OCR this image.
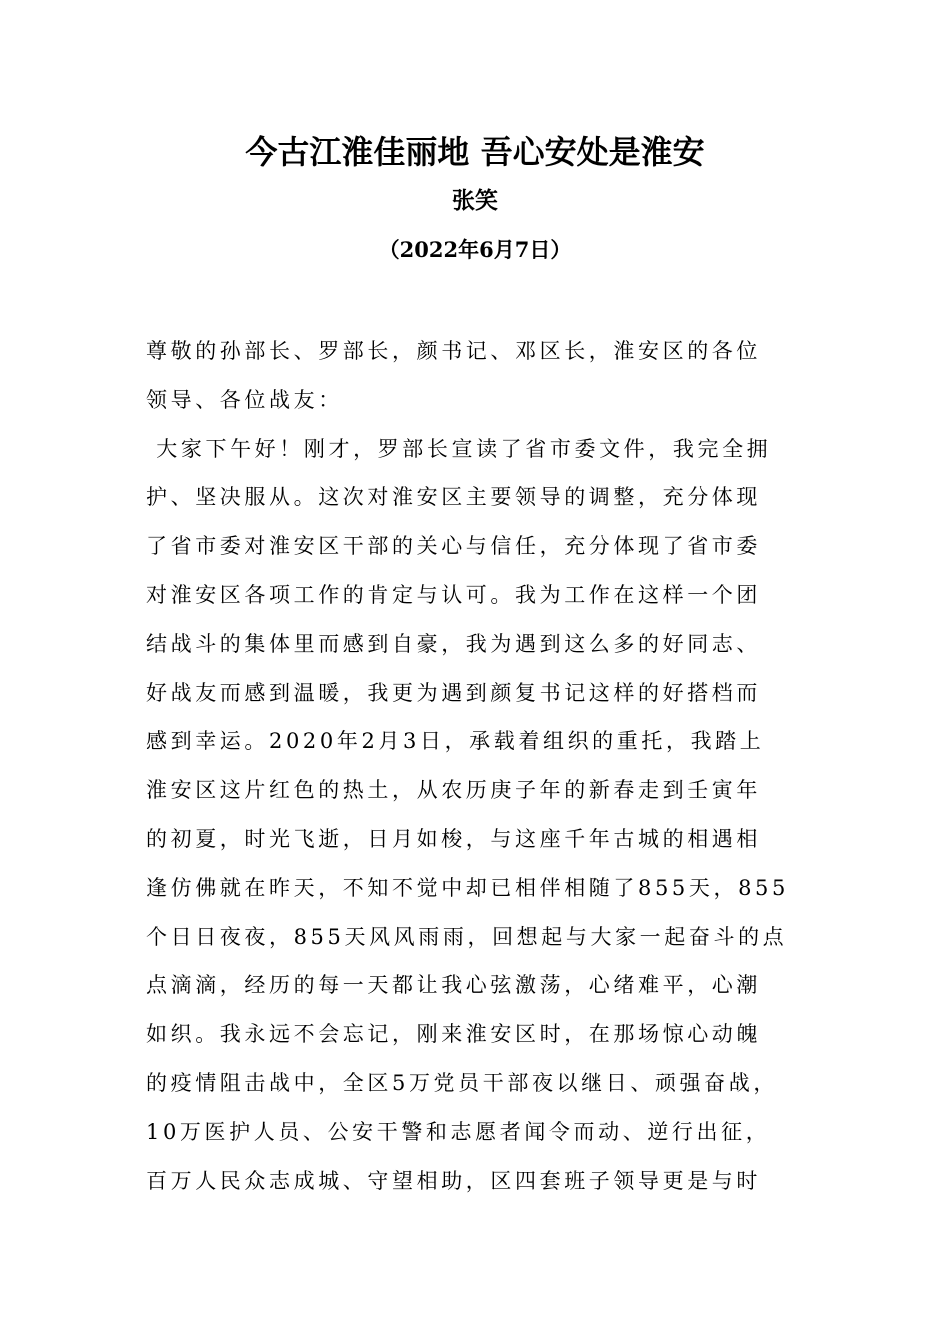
今古江淮佳丽地 吾心安处是淮安
张笑
（2022年6月7日）
尊敬的孙部长、罗部长，颜书记、邓区长，淮安区的各位
领导、各位战友：
大家下午好！刚才，罗部长宣读了省市委文件，我完全拥
护、坚决服从。这次对淮安区主要领导的调整，充分体现
了省市委对淮安区干部的关心与信任，充分体现了省市委
对淮安区各项工作的肯定与认可。我为工作在这样一个团
结战斗的集体里而感到自豪，我为遇到这么多的好同志、
好战友而感到温暖，我更为遇到颜复书记这样的好搭档而
感到幸运。2020年2月3日，承载着组织的重托，我踏上
淮安区这片红色的热土，从农历庚子年的新春走到壬寅年
的初夏，时光飞逝，日月如梭，与这座千年古城的相遇相
逢仿佛就在昨天，不知不觉中却已相伴相随了855天，855
个日日夜夜，855天风风雨雨，回想起与大家一起奋斗的点
点滴滴，经历的每一天都让我心弦激荡，心绪难平，心潮
如织。我永远不会忘记，刚来淮安区时，在那场惊心动魄
的疫情阻击战中，全区5万党员干部夜以继日、顽强奋战，
10万医护人员、公安干警和志愿者闻令而动、逆行出征，
百万人民众志成城、守望相助，区四套班子领导更是与时
